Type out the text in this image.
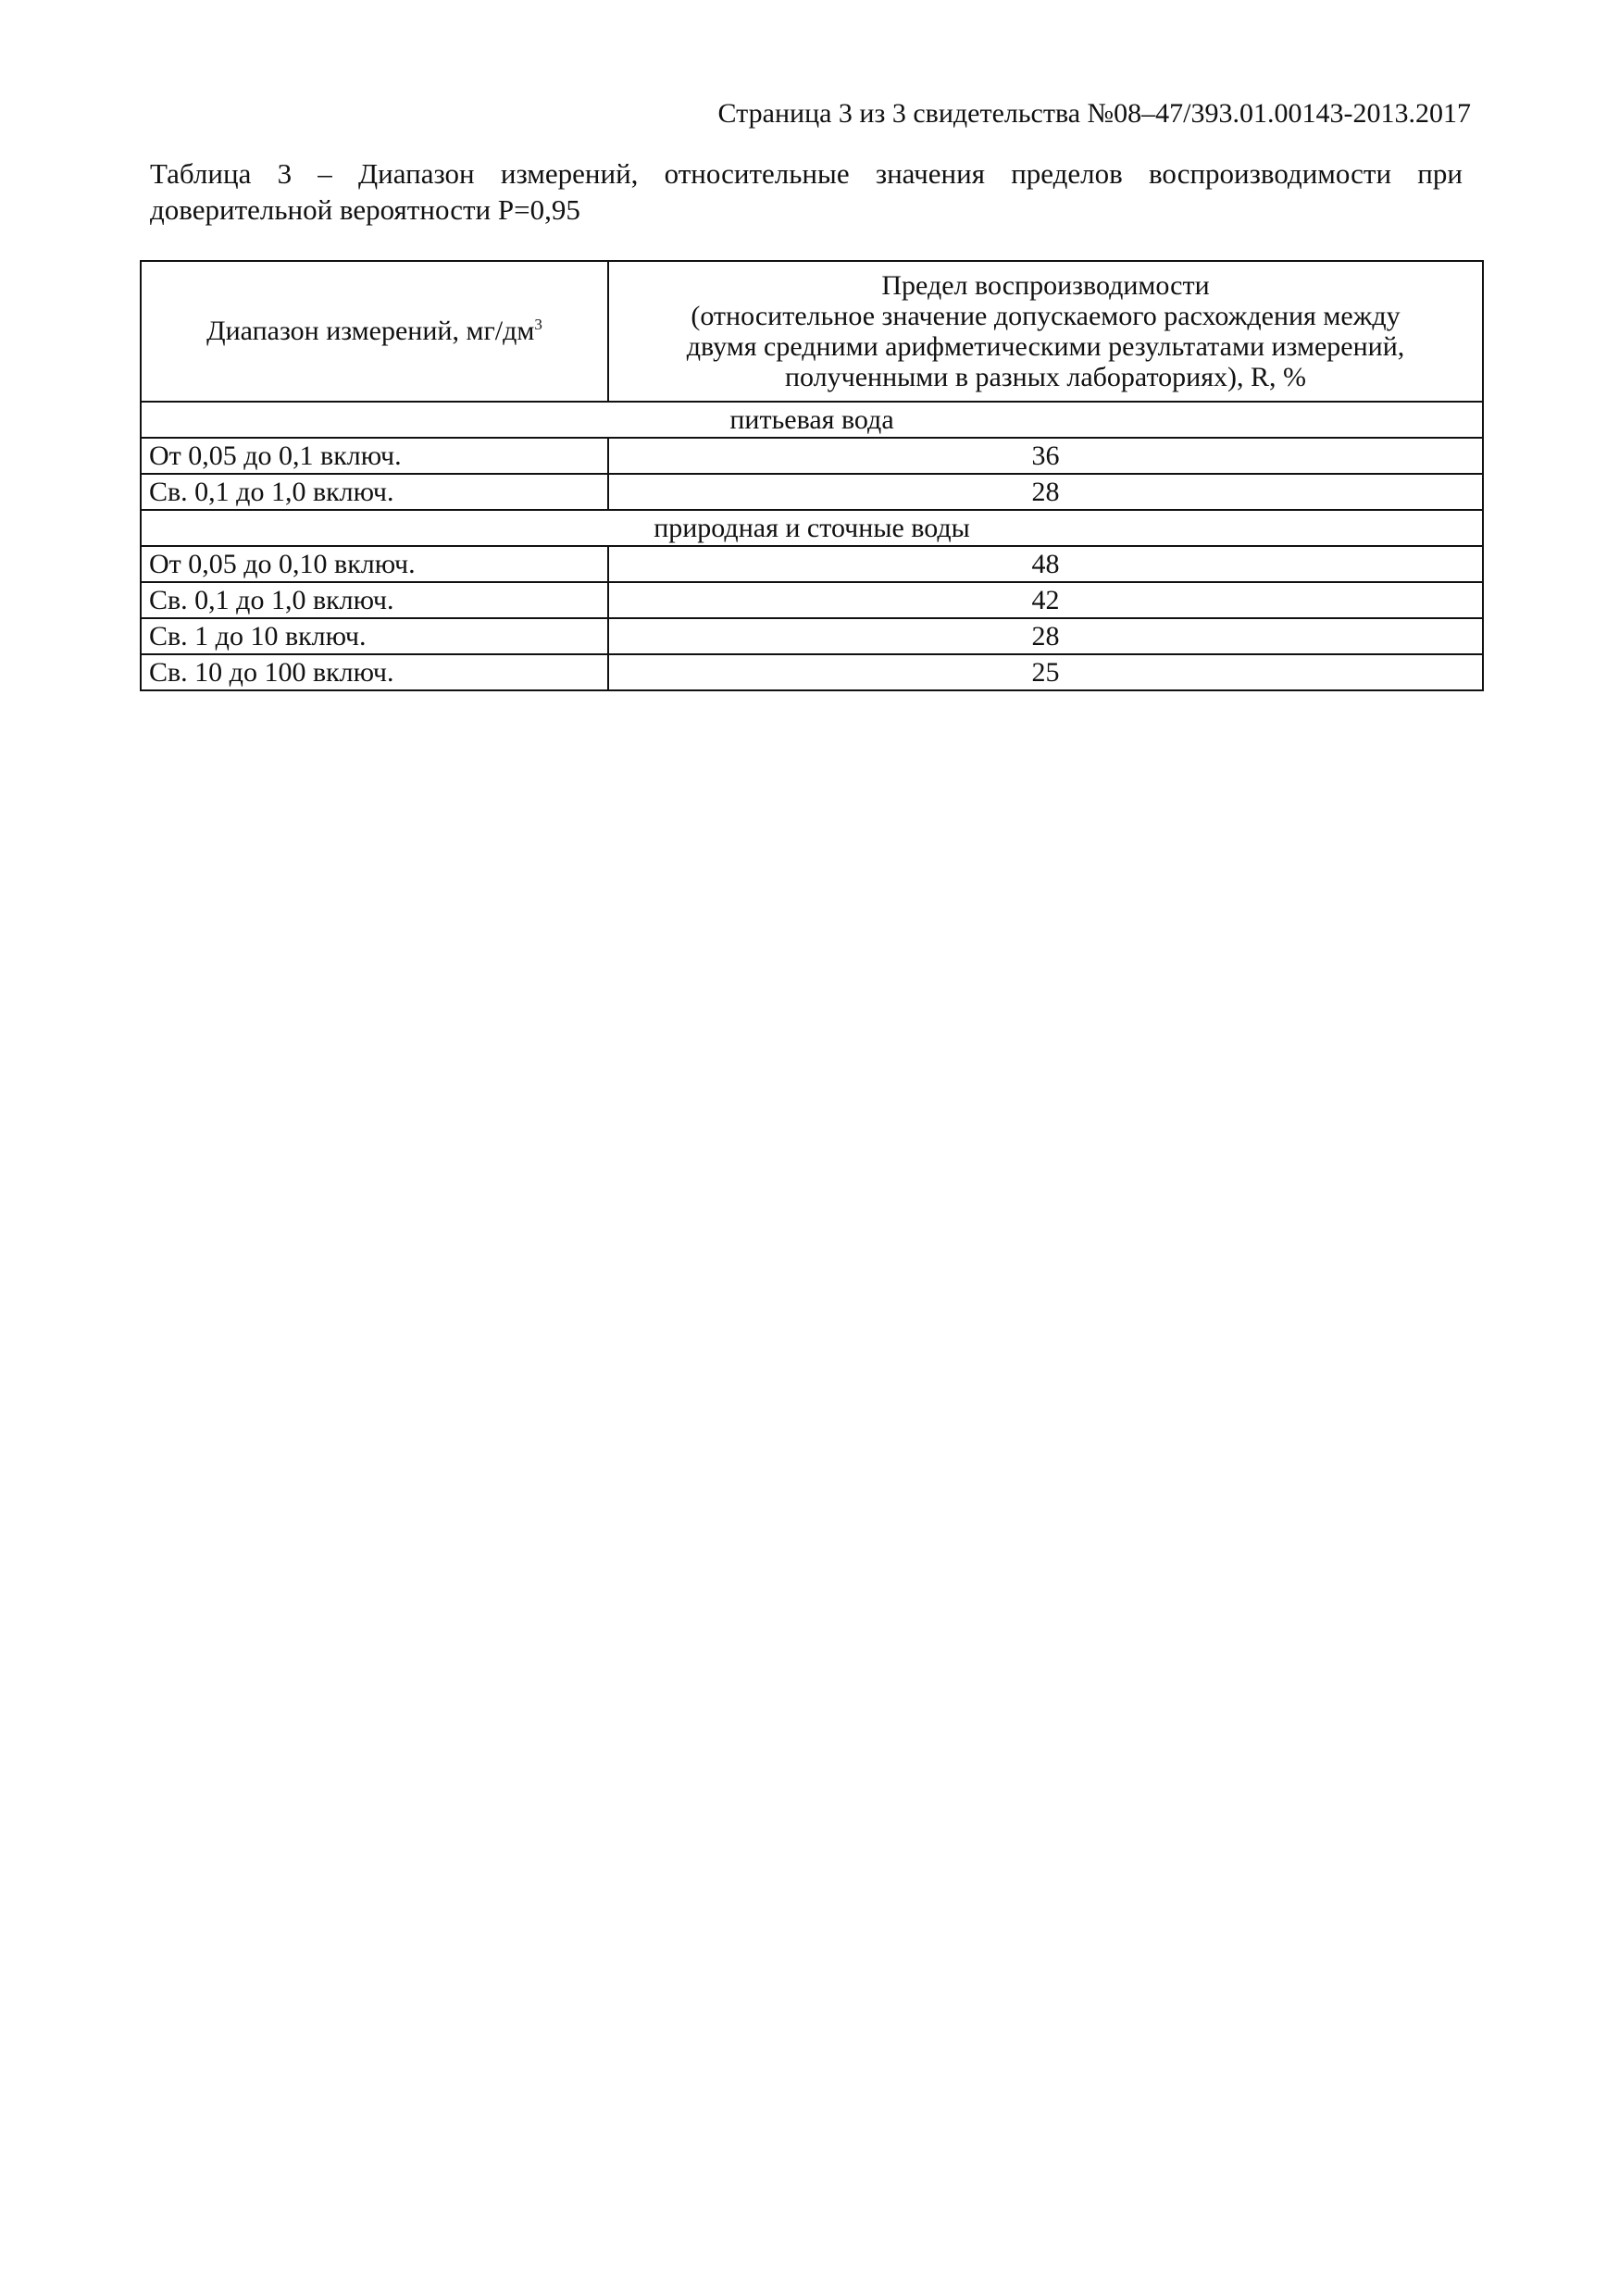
Страница 3 из 3 свидетельства №08–47/393.01.00143-2013.2017
Таблица 3 – Диапазон измерений, относительные значения пределов воспроизводимости при
доверительной вероятности Р=0,95
Диапазон измерений, $мг/дм^3$	Предел воспроизводимости
(относительное значение допускаемого расхождения между
двумя средними арифметическими результатами измерений,
полученными в разных лабораториях), R, %

питьевая вода	
От 0,05 до 0,1 включ.	36
Св. 0,1 до 1,0 включ.	28
природная и сточные воды	
От 0,05 до 0,10 включ.	48
Св. 0,1 до 1,0 включ.	42
Св. 1 до 10 включ.	28
Св. 10 до 100 включ.	25
